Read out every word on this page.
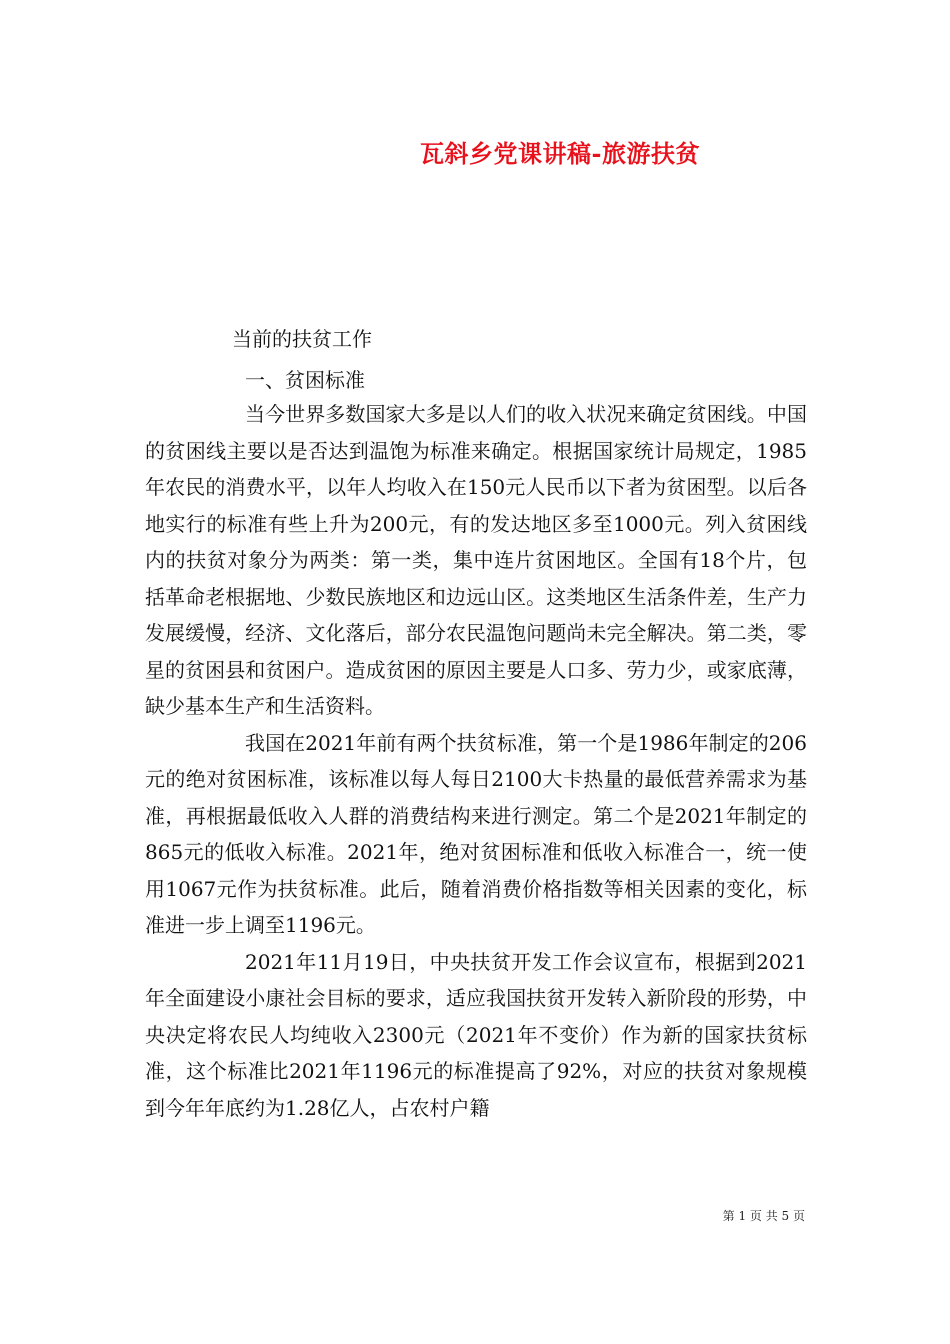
瓦斜乡党课讲稿-旅游扶贫
当前的扶贫工作
一、贫困标准

当今世界多数国家大多是以人们的收入状况来确定贫困线。中国的贫困线主要以是否达到温饱为标准来确定。根据国家统计局规定，1985年农民的消费水平，以年人均收入在150元人民币以下者为贫困型。以后各地实行的标准有些上升为200元，有的发达地区多至1000元。列入贫困线内的扶贫对象分为两类：第一类，集中连片贫困地区。全国有18个片，包括革命老根据地、少数民族地区和边远山区。这类地区生活条件差，生产力发展缓慢，经济、文化落后，部分农民温饱问题尚未完全解决。第二类，零星的贫困县和贫困户。造成贫困的原因主要是人口多、劳力少，或家底薄，缺少基本生产和生活资料。

我国在2021年前有两个扶贫标准，第一个是1986年制定的206元的绝对贫困标准，该标准以每人每日2100大卡热量的最低营养需求为基准，再根据最低收入人群的消费结构来进行测定。第二个是2021年制定的865元的低收入标准。2021年，绝对贫困标准和低收入标准合一，统一使用1067元作为扶贫标准。此后，随着消费价格指数等相关因素的变化，标准进一步上调至1196元。

2021年11月19日，中央扶贫开发工作会议宣布，根据到2021年全面建设小康社会目标的要求，适应我国扶贫开发转入新阶段的形势，中央决定将农民人均纯收入2300元（2021年不变价）作为新的国家扶贫标准，这个标准比2021年1196元的标准提高了92%，对应的扶贫对象规模到今年年底约为1.28亿人，占农村户籍

第 1 页 共 5 页
